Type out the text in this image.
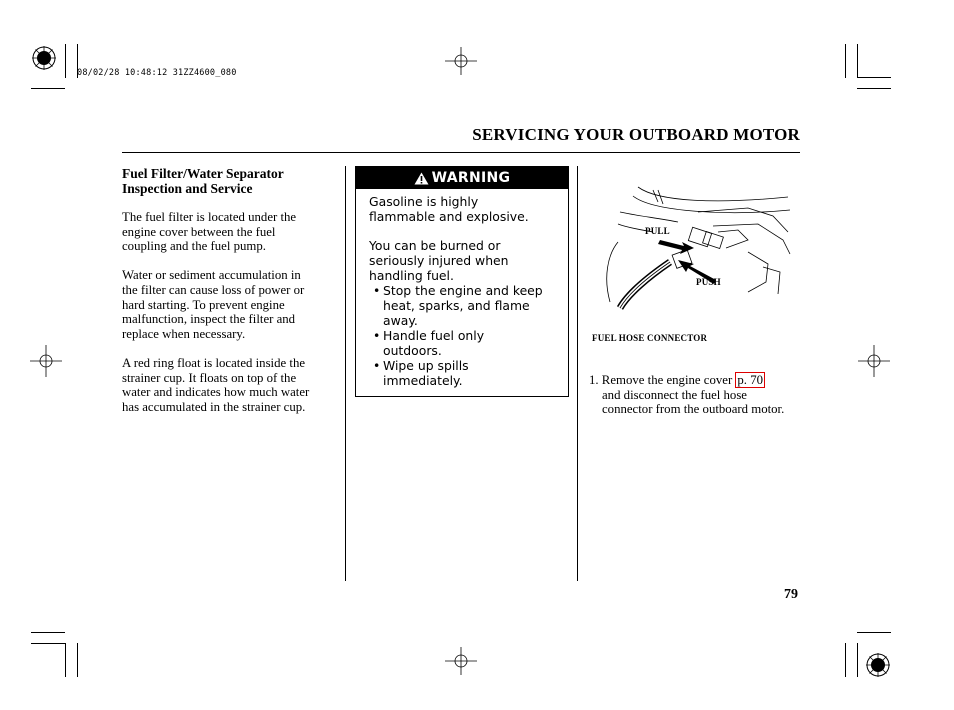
08/02/28 10:48:12 31ZZ4600_080
SERVICING YOUR OUTBOARD MOTOR
Fuel Filter/Water Separator
Inspection and Service
The fuel filter is located under the
engine cover between the fuel
coupling and the fuel pump.
Water or sediment accumulation in
the filter can cause loss of power or
hard starting. To prevent engine
malfunction, inspect the filter and
replace when necessary.
A red ring float is located inside the
strainer cup. It floats on top of the
water and indicates how much water
has accumulated in the strainer cup.
WARNING

Gasoline is highly
flammable and explosive.

You can be burned or
seriously injured when
handling fuel.

• Stop the engine and keep
heat, sparks, and flame
away.
• Handle fuel only
outdoors.
• Wipe up spills
immediately.
PULL
PUSH
FUEL HOSE CONNECTOR
1. Remove the engine cover p. 70
and disconnect the fuel hose
connector from the outboard motor.
79
